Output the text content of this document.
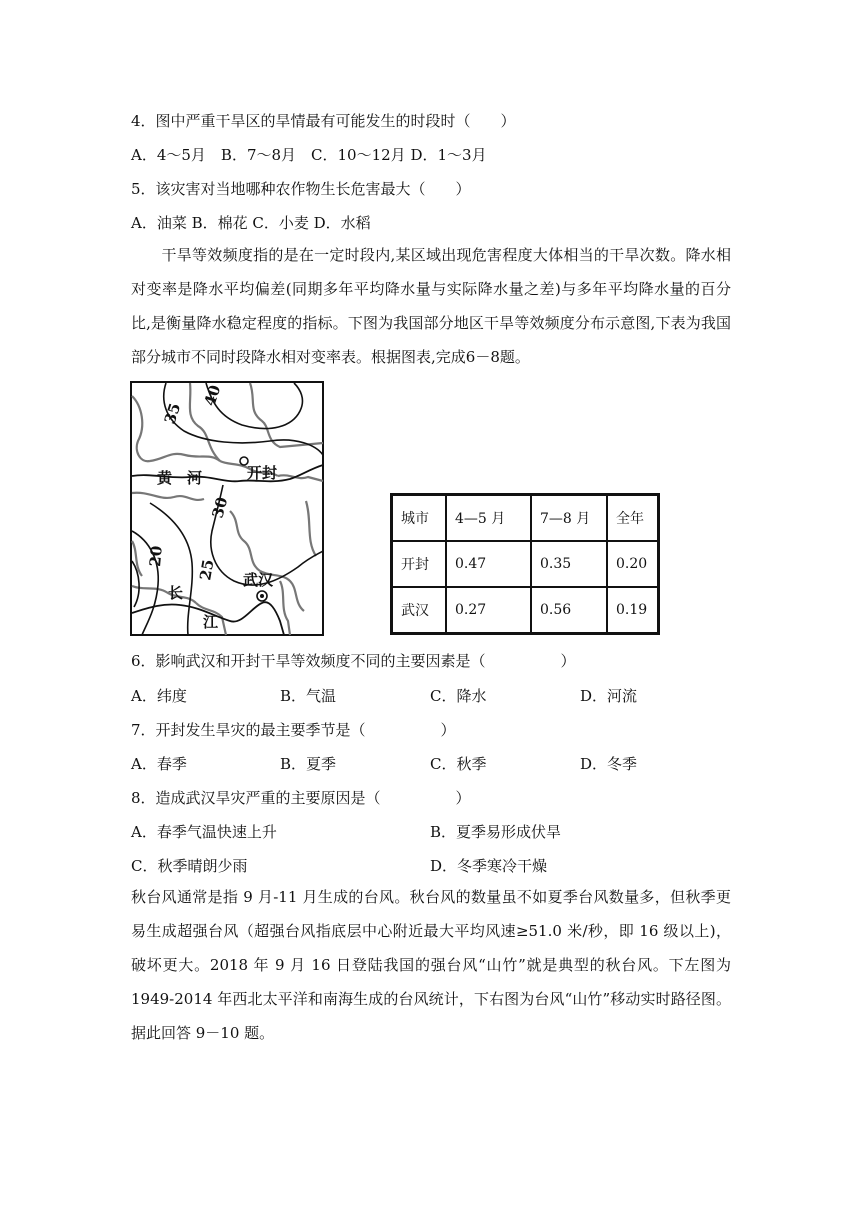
4．图中严重干旱区的旱情最有可能发生的时段时（　　）
A．4～5月　B．7～8月　C．10～12月 D．1～3月
5．该灾害对当地哪种农作物生长危害最大（　　）
A．油菜 B．棉花 C．小麦 D．水稻
　　干旱等效频度指的是在一定时段内,某区域出现危害程度大体相当的干旱次数。降水相对变率是降水平均偏差(同期多年平均降水量与实际降水量之差)与多年平均降水量的百分比,是衡量降水稳定程度的指标。下图为我国部分地区干旱等效频度分布示意图,下表为我国部分城市不同时段降水相对变率表。根据图表,完成6－8题。
35
40
30
25
20
黄　河	开封
武汉
长
江
城市	4—5 月	7—8 月	全年
开封	0.47	0.35	0.20
武汉	0.27	0.56	0.19
6．影响武汉和开封干旱等效频度不同的主要因素是（　　　　　）
A．纬度	B．气温	C．降水	D．河流
7．开封发生旱灾的最主要季节是（　　　　　）
A．春季	B．夏季	C．秋季	D．冬季
8．造成武汉旱灾严重的主要原因是（　　　　　）
A．春季气温快速上升	B．夏季易形成伏旱
C．秋季晴朗少雨	D．冬季寒冷干燥
秋台风通常是指 9 月-11 月生成的台风。秋台风的数量虽不如夏季台风数量多，但秋季更易生成超强台风（超强台风指底层中心附近最大平均风速≥51.0 米/秒，即 16 级以上)，破坏更大。2018 年 9 月 16 日登陆我国的强台风“山竹”就是典型的秋台风。下左图为 1949-2014 年西北太平洋和南海生成的台风统计，下右图为台风“山竹”移动实时路径图。据此回答 9－10 题。
